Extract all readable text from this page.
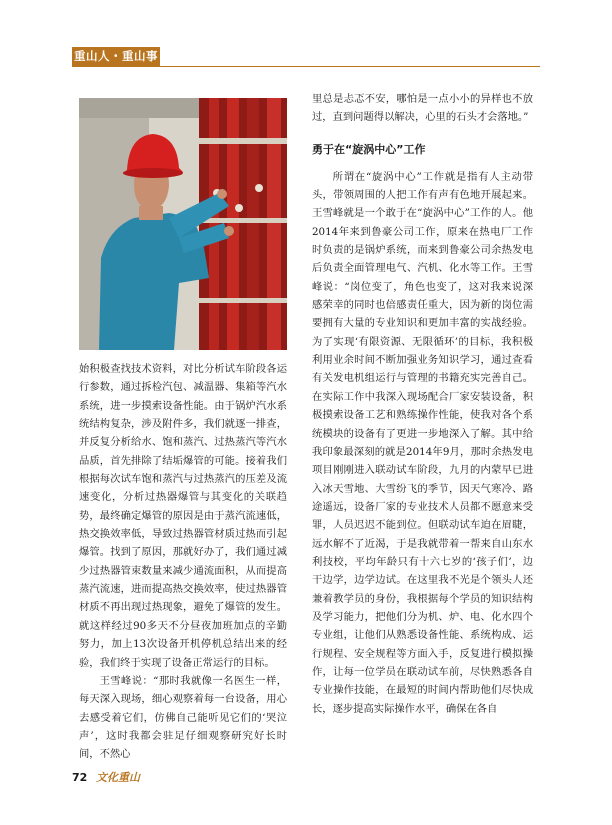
重山人・重山事

始积极查找技术资料，对比分析试车阶段各运行参数，通过拆检汽包、减温器、集箱等汽水系统，进一步摸索设备性能。由于锅炉汽水系统结构复杂，涉及附件多，我们就逐一排查，并反复分析给水、饱和蒸汽、过热蒸汽等汽水品质，首先排除了结垢爆管的可能。接着我们根据每次试车饱和蒸汽与过热蒸汽的压差及流速变化，分析过热器爆管与其变化的关联趋势，最终确定爆管的原因是由于蒸汽流速低，热交换效率低，导致过热器管材质过热而引起爆管。找到了原因，那就好办了，我们通过减少过热器管束数量来减少通流面积，从而提高蒸汽流速，进而提高热交换效率，使过热器管材质不再出现过热现象，避免了爆管的发生。就这样经过90多天不分昼夜加班加点的辛勤努力，加上13次设备开机停机总结出来的经验，我们终于实现了设备正常运行的目标。

王雪峰说：“那时我就像一名医生一样，每天深入现场，细心观察着每一台设备，用心去感受着它们，仿佛自己能听见它们的‘哭泣声’，这时我都会驻足仔细观察研究好长时间，不然心

里总是忐忑不安，哪怕是一点小小的异样也不放过，直到问题得以解决，心里的石头才会落地。”

勇于在“旋涡中心”工作

所谓在“旋涡中心”工作就是指有人主动带头，带领周围的人把工作有声有色地开展起来。王雪峰就是一个敢于在“旋涡中心”工作的人。他2014年来到鲁豪公司工作，原来在热电厂工作时负责的是锅炉系统，而来到鲁豪公司余热发电后负责全面管理电气、汽机、化水等工作。王雪峰说：“岗位变了，角色也变了，这对我来说深感荣幸的同时也倍感责任重大，因为新的岗位需要拥有大量的专业知识和更加丰富的实战经验。为了实现‘有限资源、无限循环’的目标，我积极利用业余时间不断加强业务知识学习，通过查看有关发电机组运行与管理的书籍充实完善自己。在实际工作中我深入现场配合厂家安装设备，积极摸索设备工艺和熟练操作性能，使我对各个系统模块的设备有了更进一步地深入了解。其中给我印象最深刻的就是2014年9月，那时余热发电项目刚刚进入联动试车阶段，九月的内蒙早已进入冰天雪地、大雪纷飞的季节，因天气寒冷、路途遥远，设备厂家的专业技术人员都不愿意来受罪，人员迟迟不能到位。但联动试车迫在眉睫，远水解不了近渴，于是我就带着一帮来自山东水利技校，平均年龄只有十六七岁的‘孩子们’，边干边学，边学边试。在这里我不光是个领头人还兼着教学员的身份，我根据每个学员的知识结构及学习能力，把他们分为机、炉、电、化水四个专业组，让他们从熟悉设备性能、系统构成、运行规程、安全规程等方面入手，反复进行模拟操作，让每一位学员在联动试车前，尽快熟悉各自专业操作技能，在最短的时间内帮助他们尽快成长，逐步提高实际操作水平，确保在各自

72 文化重山
